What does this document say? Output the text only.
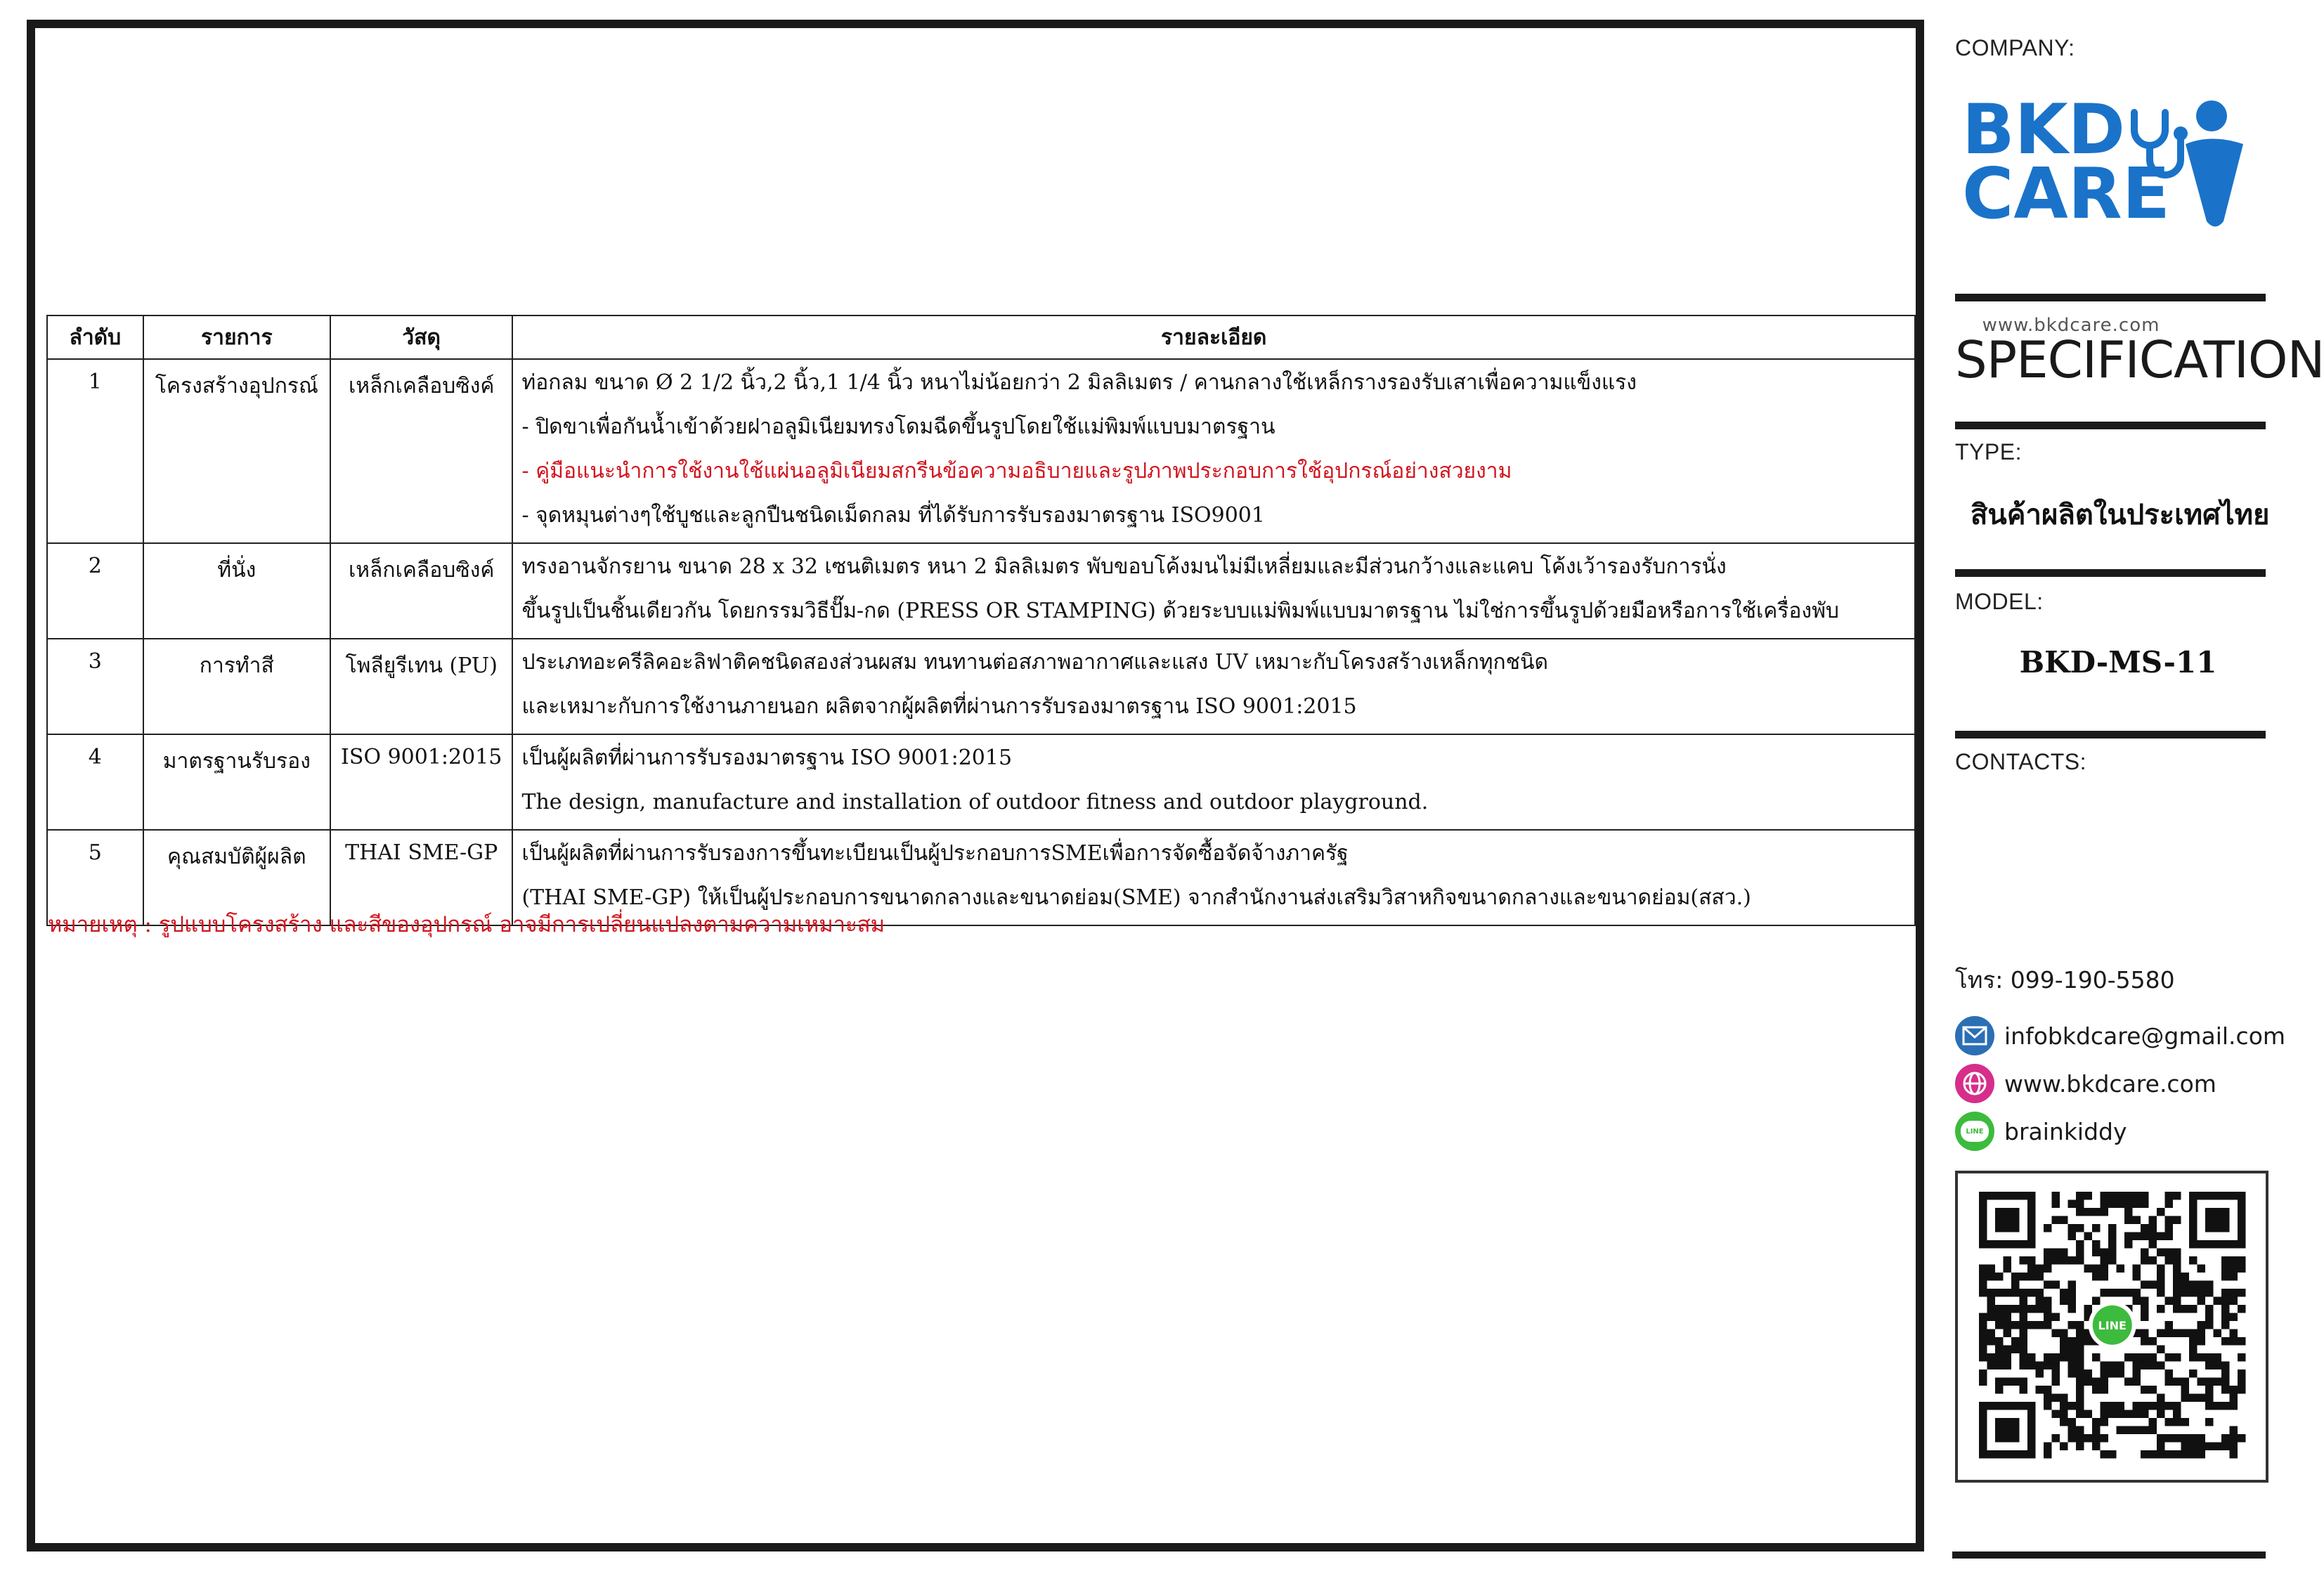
ลำดับ	รายการ	วัสดุ	รายละเอียด
1	โครงสร้างอุปกรณ์	เหล็กเคลือบซิงค์	ท่อกลม ขนาด Ø 2 1/2 นิ้ว,2 นิ้ว,1 1/4 นิ้ว หนาไม่น้อยกว่า 2 มิลลิเมตร / คานกลางใช้เหล็กรางรองรับเสาเพื่อความแข็งแรง
- ปิดขาเพื่อกันน้ำเข้าด้วยฝาอลูมิเนียมทรงโดมฉีดขึ้นรูปโดยใช้แม่พิมพ์แบบมาตรฐาน
- คู่มือแนะนำการใช้งานใช้แผ่นอลูมิเนียมสกรีนข้อความอธิบายและรูปภาพประกอบการใช้อุปกรณ์อย่างสวยงาม
- จุดหมุนต่างๆใช้บูชและลูกปืนชนิดเม็ดกลม ที่ได้รับการรับรองมาตรฐาน ISO9001

2	ที่นั่ง	เหล็กเคลือบซิงค์	ทรงอานจักรยาน ขนาด 28 x 32 เซนติเมตร หนา 2 มิลลิเมตร พับขอบโค้งมนไม่มีเหลี่ยมและมีส่วนกว้างและแคบ โค้งเว้ารองรับการนั่ง
ขึ้นรูปเป็นชิ้นเดียวกัน โดยกรรมวิธีปั๊ม-กด (PRESS OR STAMPING) ด้วยระบบแม่พิมพ์แบบมาตรฐาน ไม่ใช่การขึ้นรูปด้วยมือหรือการใช้เครื่องพับ

3	การทำสี	โพลียูรีเทน (PU)	ประเภทอะครีลิคอะลิฟาติคชนิดสองส่วนผสม ทนทานต่อสภาพอากาศและแสง UV เหมาะกับโครงสร้างเหล็กทุกชนิด
และเหมาะกับการใช้งานภายนอก ผลิตจากผู้ผลิตที่ผ่านการรับรองมาตรฐาน ISO 9001:2015

4	มาตรฐานรับรอง	ISO 9001:2015	เป็นผู้ผลิตที่ผ่านการรับรองมาตรฐาน ISO 9001:2015
The design, manufacture and installation of outdoor fitness and outdoor playground.

5	คุณสมบัติผู้ผลิต	THAI SME-GP	เป็นผู้ผลิตที่ผ่านการรับรองการขึ้นทะเบียนเป็นผู้ประกอบการSMEเพื่อการจัดซื้อจัดจ้างภาครัฐ
(THAI SME-GP) ให้เป็นผู้ประกอบการขนาดกลางและขนาดย่อม(SME) จากสำนักงานส่งเสริมวิสาหกิจขนาดกลางและขนาดย่อม(สสว.)
หมายเหตุ : รูปแบบโครงสร้าง และสีของอุปกรณ์ อาจมีการเปลี่ยนแปลงตามความเหมาะสม
COMPANY:
BKD
CARE
www.bkdcare.com
SPECIFICATION
TYPE:
สินค้าผลิตในประเทศไทย
MODEL:
BKD-MS-11
CONTACTS:
โทร: 099-190-5580
infobkdcare@gmail.com
www.bkdcare.com
LINE brainkiddy
LINE
